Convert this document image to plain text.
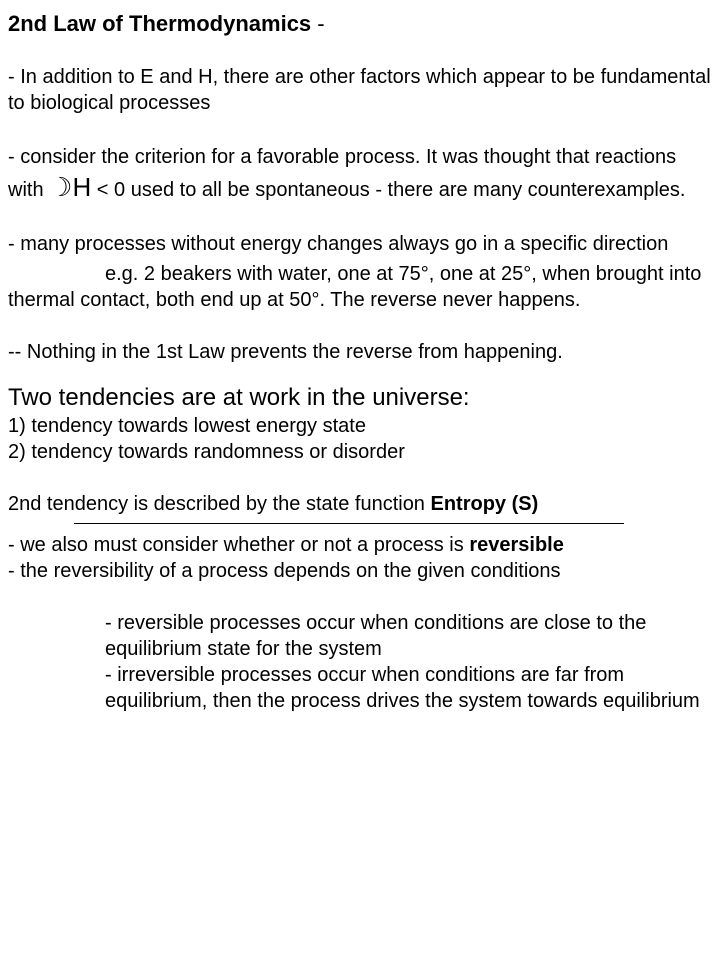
2nd Law of Thermodynamics -

- In addition to E and H, there are other factors which appear to be fundamental to biological processes

- consider the criterion for a favorable process. It was thought that reactions with ☽H < 0 used to all be spontaneous - there are many counterexamples.

- many processes without energy changes always go in a specific direction

e.g. 2 beakers with water, one at 75°, one at 25°, when brought into thermal contact, both end up at 50°. The reverse never happens.

-- Nothing in the 1st Law prevents the reverse from happening.

Two tendencies are at work in the universe:

1) tendency towards lowest energy state

2) tendency towards randomness or disorder

2nd tendency is described by the state function Entropy (S)

- we also must consider whether or not a process is reversible

- the reversibility of a process depends on the given conditions

- reversible processes occur when conditions are close to the equilibrium state for the system

- irreversible processes occur when conditions are far from equilibrium, then the process drives the system towards equilibrium
